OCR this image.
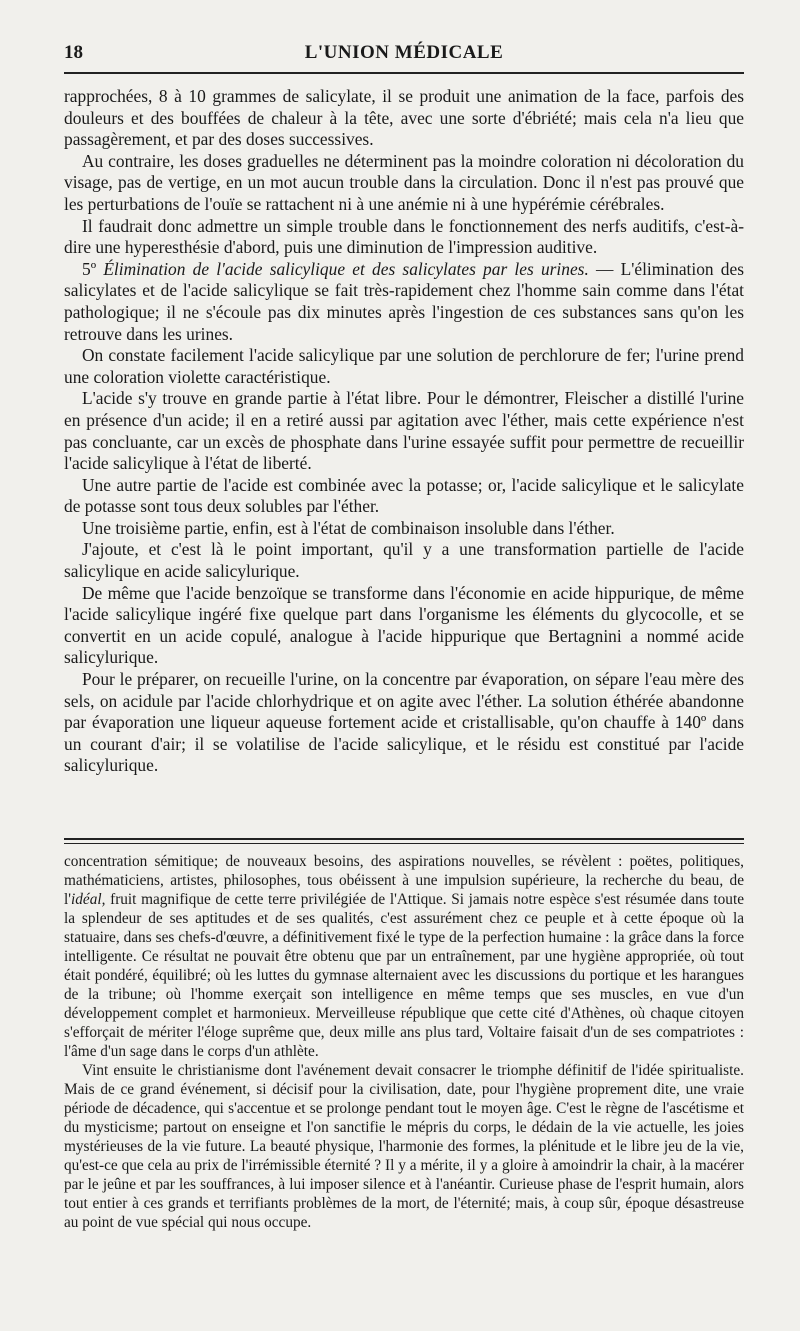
18	L'UNION MÉDICALE

rapprochées, 8 à 10 grammes de salicylate, il se produit une animation de la face, parfois des douleurs et des bouffées de chaleur à la tête, avec une sorte d'ébriété; mais cela n'a lieu que passagèrement, et par des doses successives.

Au contraire, les doses graduelles ne déterminent pas la moindre coloration ni décoloration du visage, pas de vertige, en un mot aucun trouble dans la circulation. Donc il n'est pas prouvé que les perturbations de l'ouïe se rattachent ni à une anémie ni à une hypérémie cérébrales.

Il faudrait donc admettre un simple trouble dans le fonctionnement des nerfs auditifs, c'est-à-dire une hyperesthésie d'abord, puis une diminution de l'impression auditive.

5º Élimination de l'acide salicylique et des salicylates par les urines. — L'élimination des salicylates et de l'acide salicylique se fait très-rapidement chez l'homme sain comme dans l'état pathologique; il ne s'écoule pas dix minutes après l'ingestion de ces substances sans qu'on les retrouve dans les urines.

On constate facilement l'acide salicylique par une solution de perchlorure de fer; l'urine prend une coloration violette caractéristique.

L'acide s'y trouve en grande partie à l'état libre. Pour le démontrer, Fleischer a distillé l'urine en présence d'un acide; il en a retiré aussi par agitation avec l'éther, mais cette expérience n'est pas concluante, car un excès de phosphate dans l'urine essayée suffit pour permettre de recueillir l'acide salicylique à l'état de liberté.

Une autre partie de l'acide est combinée avec la potasse; or, l'acide salicylique et le salicylate de potasse sont tous deux solubles par l'éther.

Une troisième partie, enfin, est à l'état de combinaison insoluble dans l'éther.

J'ajoute, et c'est là le point important, qu'il y a une transformation partielle de l'acide salicylique en acide salicylurique.

De même que l'acide benzoïque se transforme dans l'économie en acide hippurique, de même l'acide salicylique ingéré fixe quelque part dans l'organisme les éléments du glycocolle, et se convertit en un acide copulé, analogue à l'acide hippurique que Bertagnini a nommé acide salicylurique.

Pour le préparer, on recueille l'urine, on la concentre par évaporation, on sépare l'eau mère des sels, on acidule par l'acide chlorhydrique et on agite avec l'éther. La solution éthérée abandonne par évaporation une liqueur aqueuse fortement acide et cristallisable, qu'on chauffe à 140º dans un courant d'air; il se volatilise de l'acide salicylique, et le résidu est constitué par l'acide salicylurique.

concentration sémitique; de nouveaux besoins, des aspirations nouvelles, se révèlent : poëtes, politiques, mathématiciens, artistes, philosophes, tous obéissent à une impulsion supérieure, la recherche du beau, de l'idéal, fruit magnifique de cette terre privilégiée de l'Attique. Si jamais notre espèce s'est résumée dans toute la splendeur de ses aptitudes et de ses qualités, c'est assurément chez ce peuple et à cette époque où la statuaire, dans ses chefs-d'œuvre, a définitivement fixé le type de la perfection humaine : la grâce dans la force intelligente. Ce résultat ne pouvait être obtenu que par un entraînement, par une hygiène appropriée, où tout était pondéré, équilibré; où les luttes du gymnase alternaient avec les discussions du portique et les harangues de la tribune; où l'homme exerçait son intelligence en même temps que ses muscles, en vue d'un développement complet et harmonieux. Merveilleuse république que cette cité d'Athènes, où chaque citoyen s'efforçait de mériter l'éloge suprême que, deux mille ans plus tard, Voltaire faisait d'un de ses compatriotes : l'âme d'un sage dans le corps d'un athlète.

Vint ensuite le christianisme dont l'avénement devait consacrer le triomphe définitif de l'idée spiritualiste. Mais de ce grand événement, si décisif pour la civilisation, date, pour l'hygiène proprement dite, une vraie période de décadence, qui s'accentue et se prolonge pendant tout le moyen âge. C'est le règne de l'ascétisme et du mysticisme; partout on enseigne et l'on sanctifie le mépris du corps, le dédain de la vie actuelle, les joies mystérieuses de la vie future. La beauté physique, l'harmonie des formes, la plénitude et le libre jeu de la vie, qu'est-ce que cela au prix de l'irrémissible éternité ? Il y a mérite, il y a gloire à amoindrir la chair, à la macérer par le jeûne et par les souffrances, à lui imposer silence et à l'anéantir. Curieuse phase de l'esprit humain, alors tout entier à ces grands et terrifiants problèmes de la mort, de l'éternité; mais, à coup sûr, époque désastreuse au point de vue spécial qui nous occupe.
